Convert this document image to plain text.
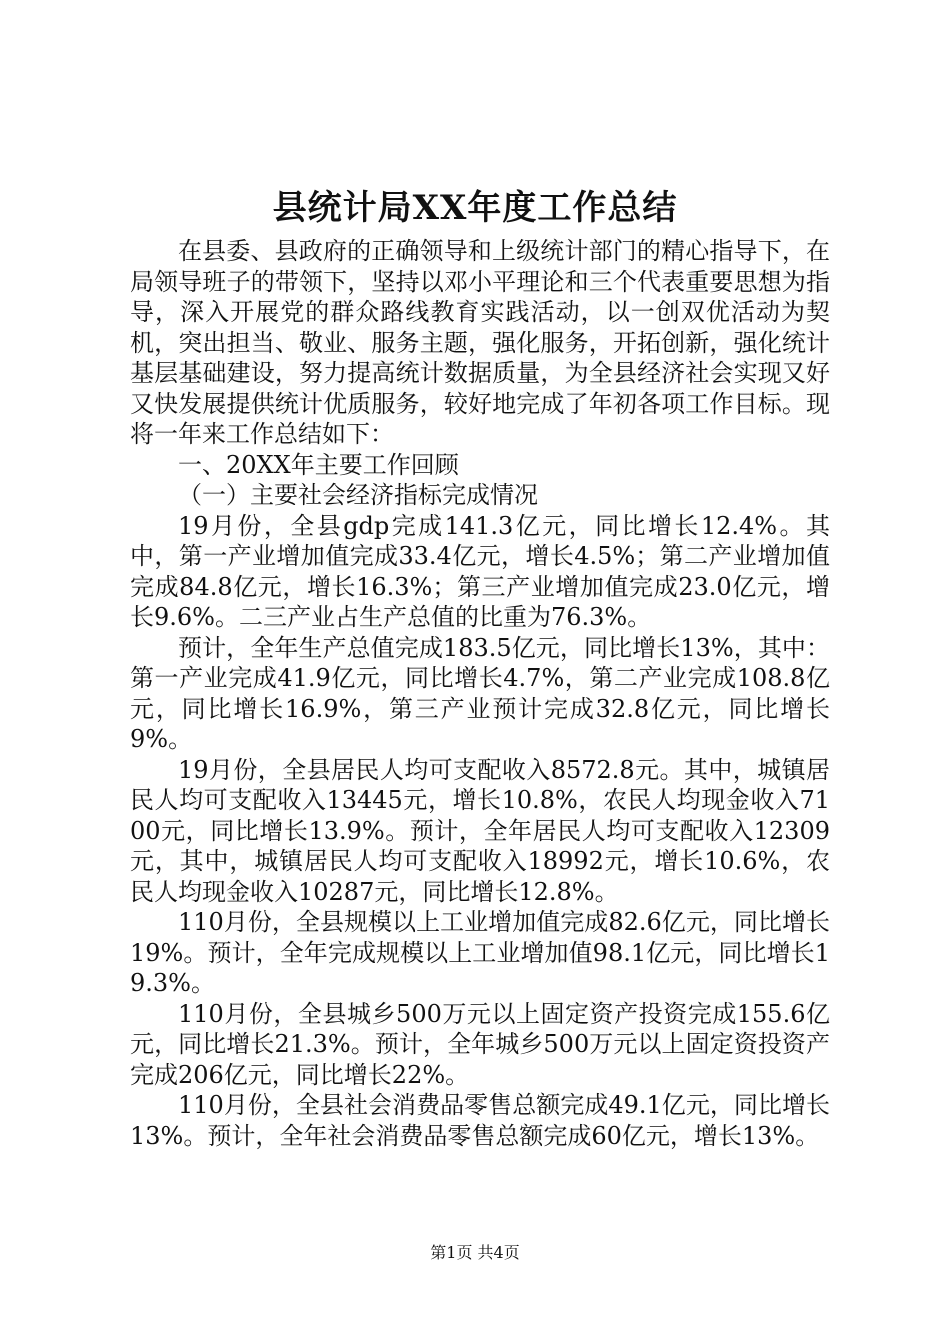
县统计局XX年度工作总结

在县委、县政府的正确领导和上级统计部门的精心指导下，在局领导班子的带领下，坚持以邓小平理论和三个代表重要思想为指导，深入开展党的群众路线教育实践活动，以一创双优活动为契机，突出担当、敬业、服务主题，强化服务，开拓创新，强化统计基层基础建设，努力提高统计数据质量，为全县经济社会实现又好又快发展提供统计优质服务，较好地完成了年初各项工作目标。现将一年来工作总结如下：

一、20XX年主要工作回顾

（一）主要社会经济指标完成情况

19月份，全县gdp完成141.3亿元，同比增长12.4%。其中，第一产业增加值完成33.4亿元，增长4.5%；第二产业增加值完成84.8亿元，增长16.3%；第三产业增加值完成23.0亿元，增长9.6%。二三产业占生产总值的比重为76.3%。

预计，全年生产总值完成183.5亿元，同比增长13%，其中：第一产业完成41.9亿元，同比增长4.7%，第二产业完成108.8亿元，同比增长16.9%，第三产业预计完成32.8亿元，同比增长9%。

19月份，全县居民人均可支配收入8572.8元。其中，城镇居民人均可支配收入13445元，增长10.8%，农民人均现金收入7100元，同比增长13.9%。预计，全年居民人均可支配收入12309元，其中，城镇居民人均可支配收入18992元，增长10.6%，农民人均现金收入10287元，同比增长12.8%。

110月份，全县规模以上工业增加值完成82.6亿元，同比增长19%。预计，全年完成规模以上工业增加值98.1亿元，同比增长19.3%。

110月份，全县城乡500万元以上固定资产投资完成155.6亿元，同比增长21.3%。预计，全年城乡500万元以上固定资投资产完成206亿元，同比增长22%。

110月份，全县社会消费品零售总额完成49.1亿元，同比增长13%。预计，全年社会消费品零售总额完成60亿元，增长13%。

第1页 共4页
